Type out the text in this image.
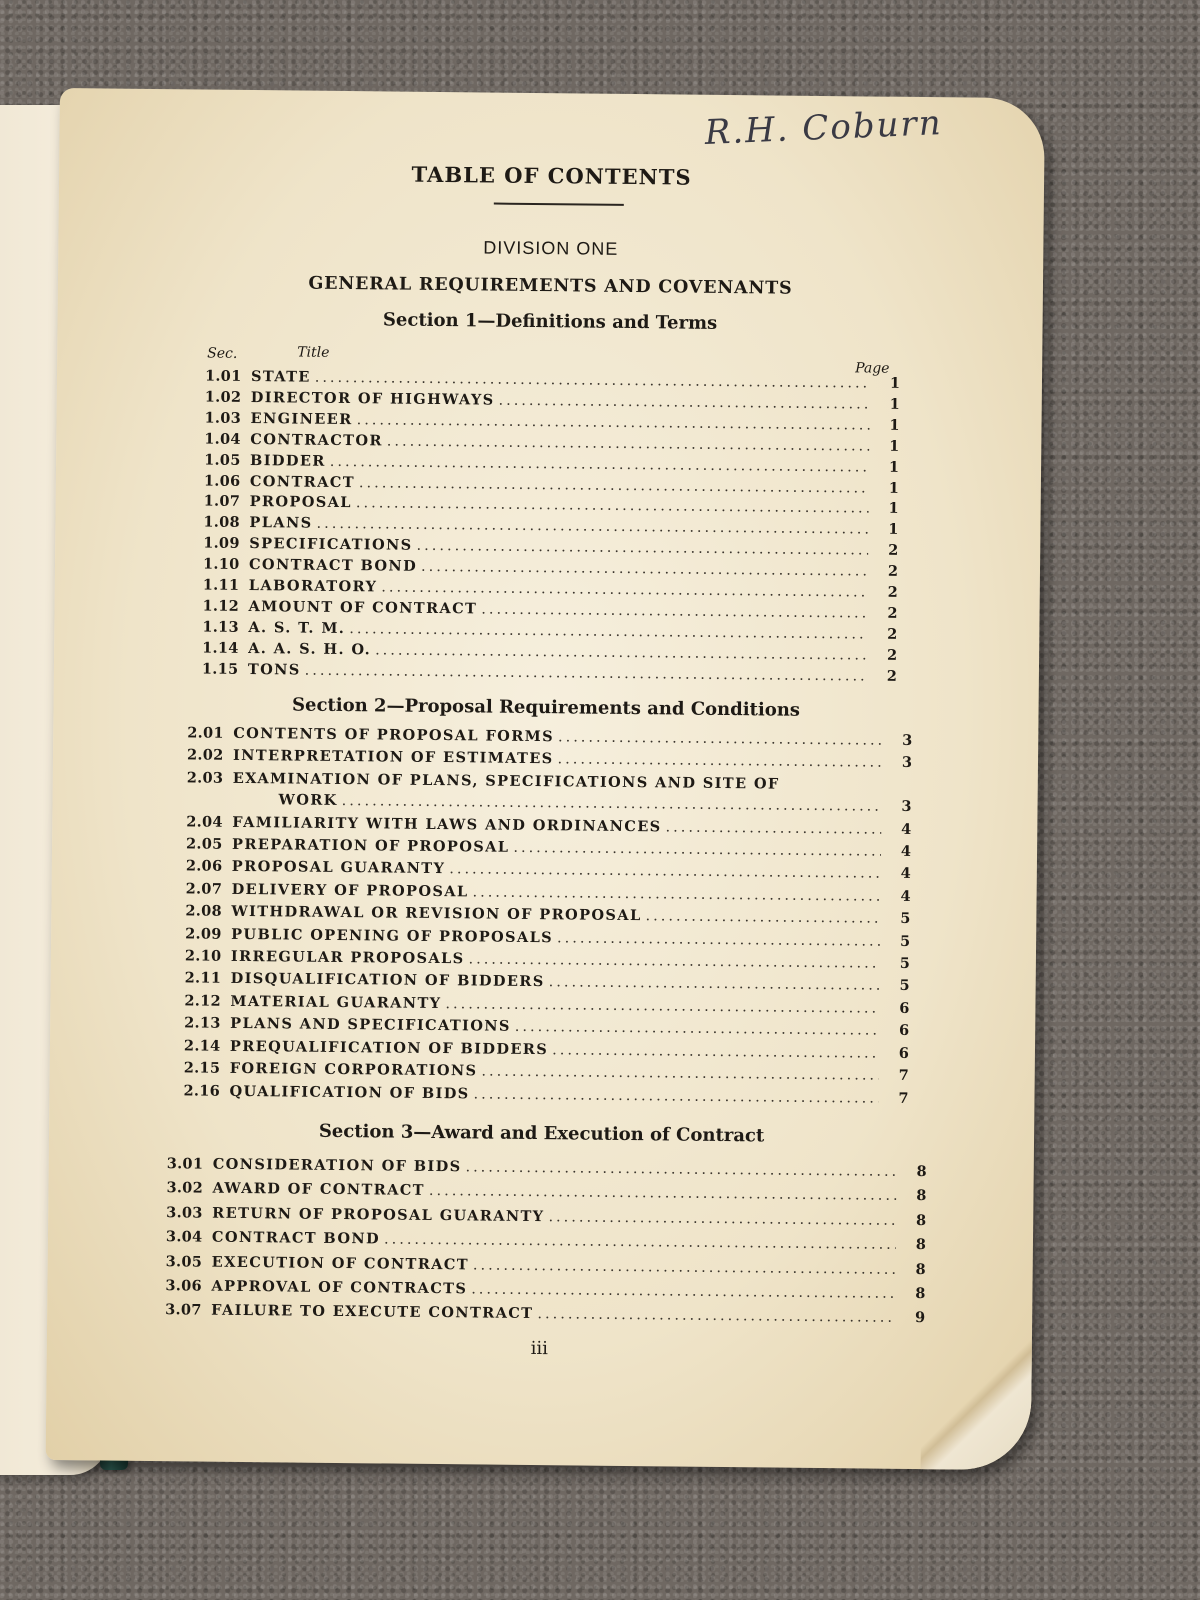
R.H. Coburn
TABLE OF CONTENTS
DIVISION ONE
GENERAL REQUIREMENTS AND COVENANTS
Section 1—Definitions and Terms
Sec.	Title
Page
1.01 STATE .....	1
1.02 DIRECTOR OF HIGHWAYS .....	1
1.03 ENGINEER .....	1
1.04 CONTRACTOR .....	1
1.05 BIDDER .....	1
1.06 CONTRACT .....	1
1.07 PROPOSAL .....	1
1.08 PLANS .....	1
1.09 SPECIFICATIONS .....	2
1.10 CONTRACT BOND .....	2
1.11 LABORATORY .....	2
1.12 AMOUNT OF CONTRACT .....	2
1.13 A. S. T. M. .....	2
1.14 A. A. S. H. O. .....	2
1.15 TONS .....	2
Section 2—Proposal Requirements and Conditions
2.01 CONTENTS OF PROPOSAL FORMS .....	3
2.02 INTERPRETATION OF ESTIMATES .....	3
2.03 EXAMINATION OF PLANS, SPECIFICATIONS AND SITE OF
WORK .....	3
2.04 FAMILIARITY WITH LAWS AND ORDINANCES .....	4
2.05 PREPARATION OF PROPOSAL .....	4
2.06 PROPOSAL GUARANTY .....	4
2.07 DELIVERY OF PROPOSAL .....	4
2.08 WITHDRAWAL OR REVISION OF PROPOSAL .....	5
2.09 PUBLIC OPENING OF PROPOSALS .....	5
2.10 IRREGULAR PROPOSALS .....	5
2.11 DISQUALIFICATION OF BIDDERS .....	5
2.12 MATERIAL GUARANTY .....	6
2.13 PLANS AND SPECIFICATIONS .....	6
2.14 PREQUALIFICATION OF BIDDERS .....	6
2.15 FOREIGN CORPORATIONS .....	7
2.16 QUALIFICATION OF BIDS .....	7
Section 3—Award and Execution of Contract
3.01 CONSIDERATION OF BIDS .....	8
3.02 AWARD OF CONTRACT .....	8
3.03 RETURN OF PROPOSAL GUARANTY .....	8
3.04 CONTRACT BOND .....	8
3.05 EXECUTION OF CONTRACT .....	8
3.06 APPROVAL OF CONTRACTS .....	8
3.07 FAILURE TO EXECUTE CONTRACT .....	9
iii
